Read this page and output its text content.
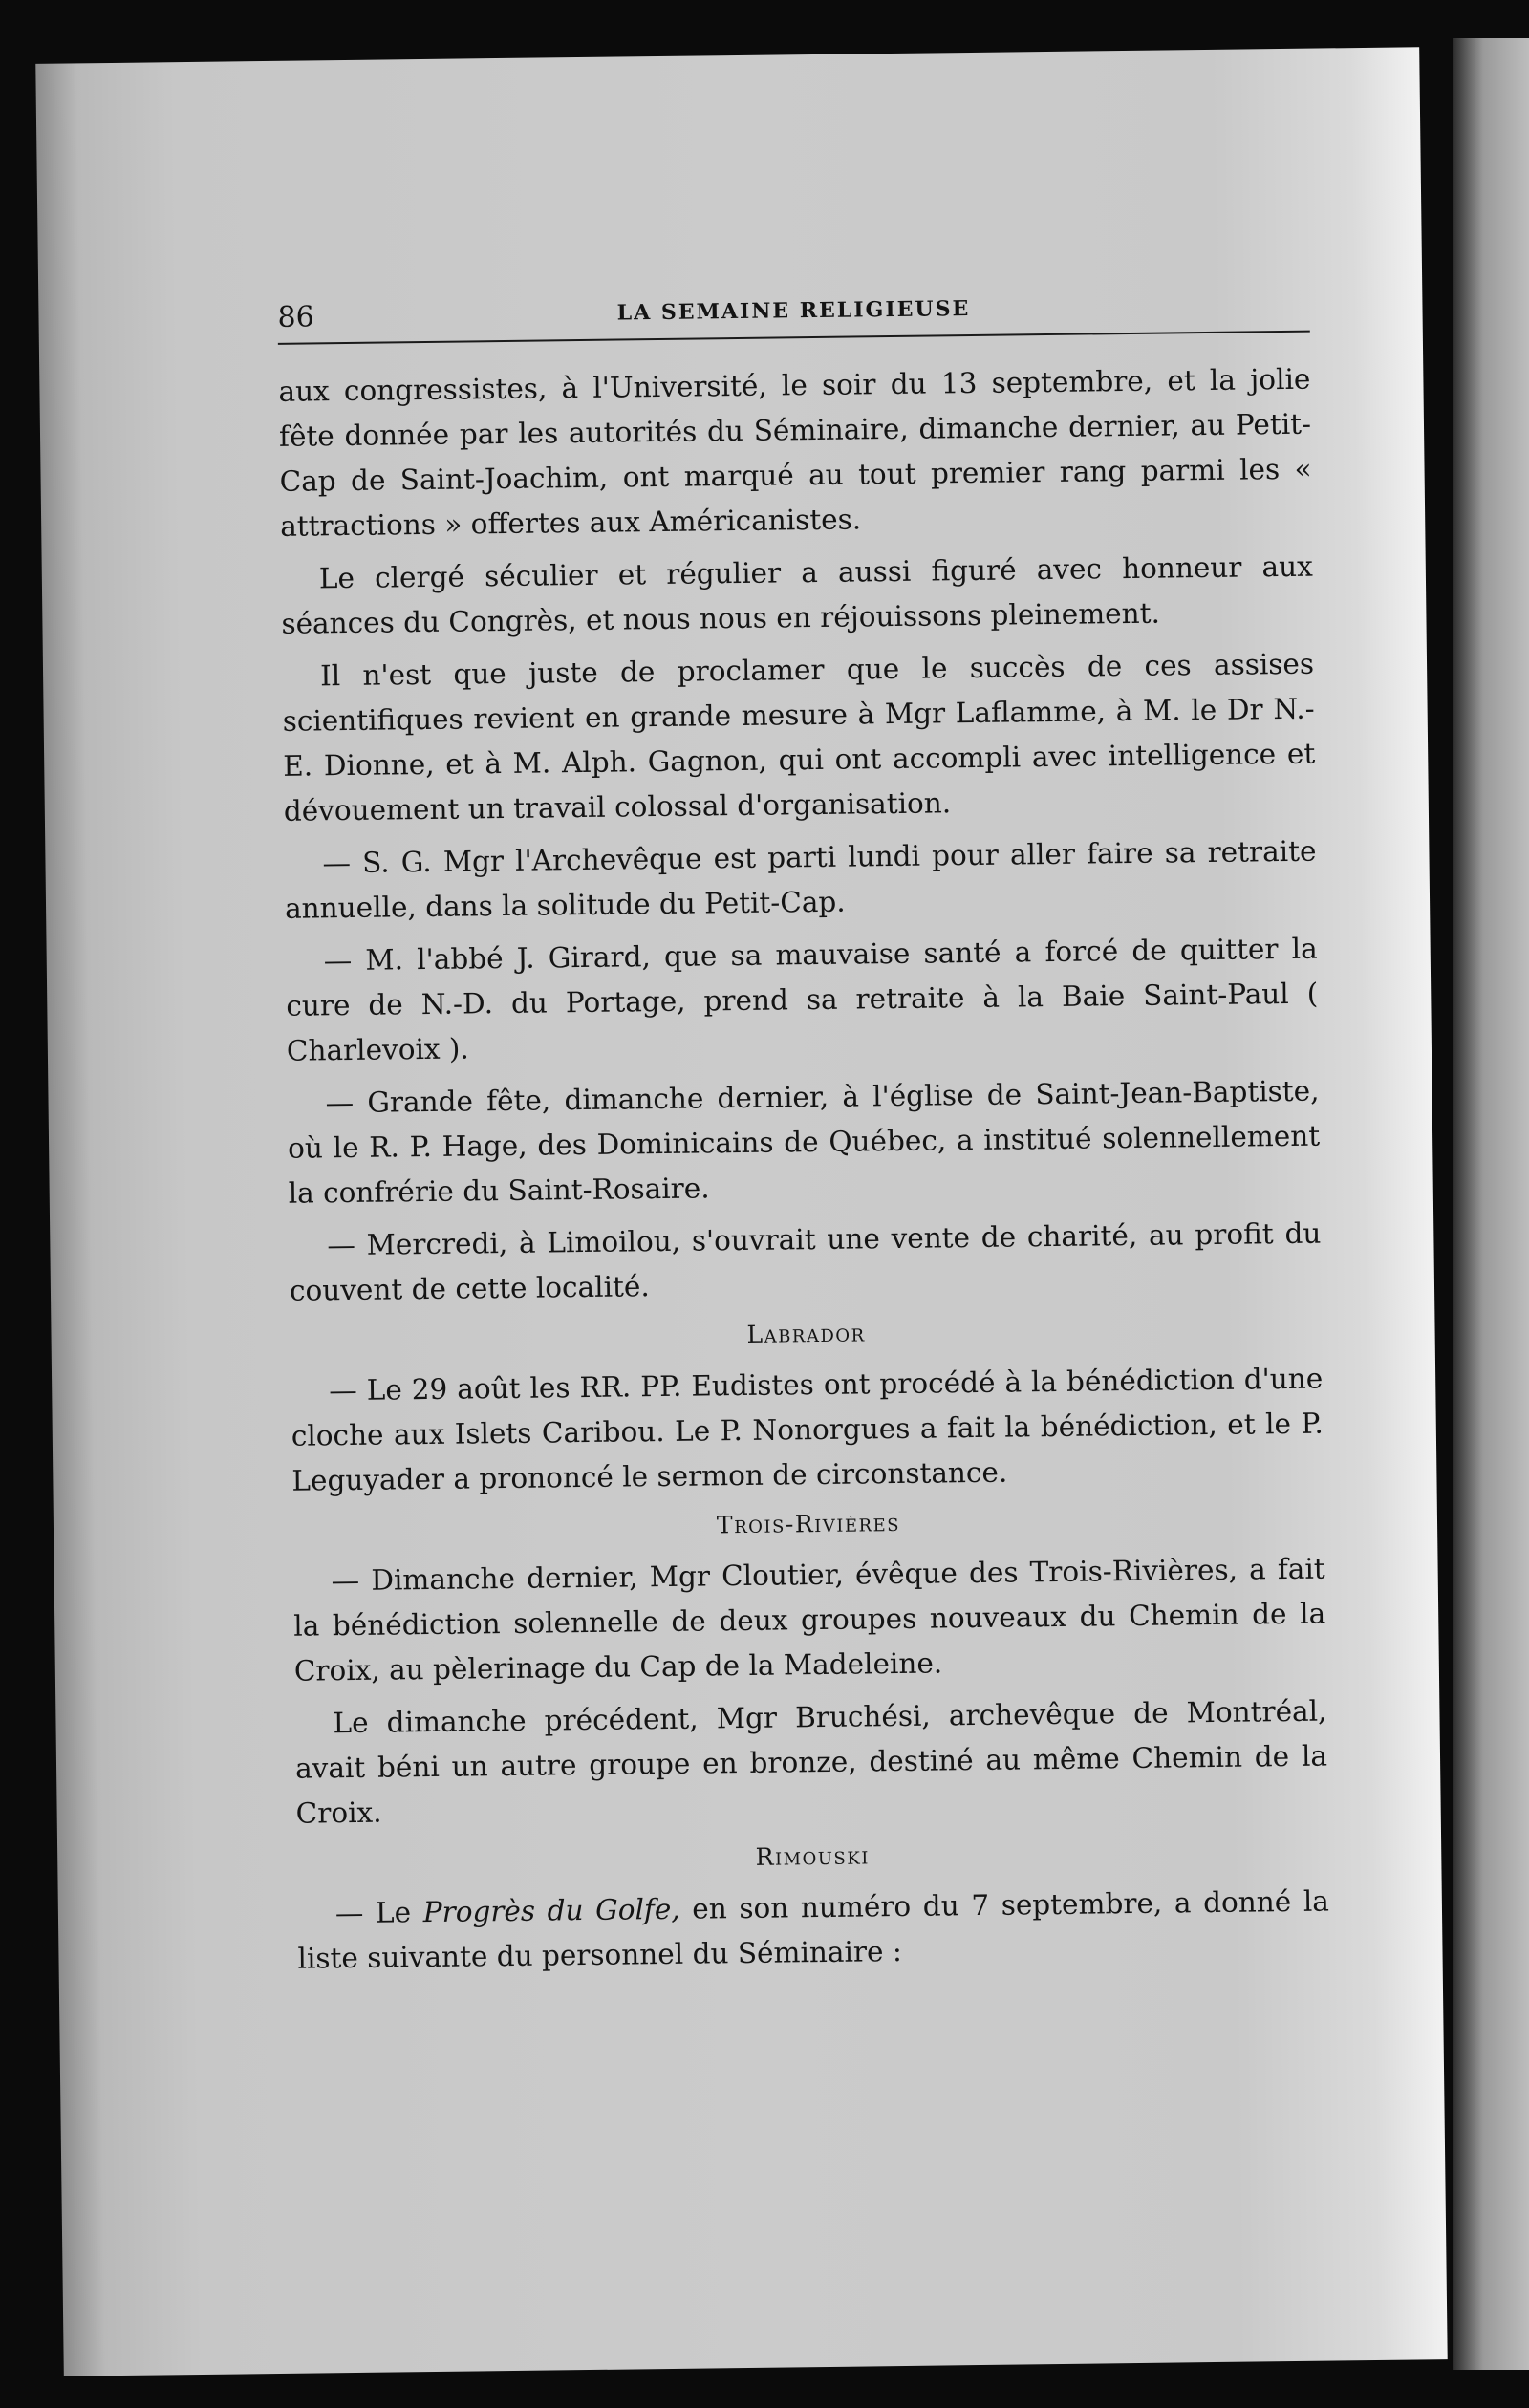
86	LA SEMAINE RELIGIEUSE

aux congressistes, à l'Université, le soir du 13 septembre, et la jolie fête donnée par les autorités du Séminaire, dimanche dernier, au Petit-Cap de Saint-Joachim, ont marqué au tout premier rang parmi les « attractions » offertes aux Américanistes.

Le clergé séculier et régulier a aussi figuré avec honneur aux séances du Congrès, et nous nous en réjouissons pleinement.

Il n'est que juste de proclamer que le succès de ces assises scientifiques revient en grande mesure à Mgr Laflamme, à M. le Dr N.-E. Dionne, et à M. Alph. Gagnon, qui ont accompli avec intelligence et dévouement un travail colossal d'organisation.

— S. G. Mgr l'Archevêque est parti lundi pour aller faire sa retraite annuelle, dans la solitude du Petit-Cap.

— M. l'abbé J. Girard, que sa mauvaise santé a forcé de quitter la cure de N.-D. du Portage, prend sa retraite à la Baie Saint-Paul ( Charlevoix ).

— Grande fête, dimanche dernier, à l'église de Saint-Jean-Baptiste, où le R. P. Hage, des Dominicains de Québec, a institué solennellement la confrérie du Saint-Rosaire.

— Mercredi, à Limoilou, s'ouvrait une vente de charité, au profit du couvent de cette localité.

Labrador

— Le 29 août les RR. PP. Eudistes ont procédé à la bénédiction d'une cloche aux Islets Caribou. Le P. Nonorgues a fait la bénédiction, et le P. Leguyader a prononcé le sermon de circonstance.

Trois-Rivières

— Dimanche dernier, Mgr Cloutier, évêque des Trois-Rivières, a fait la bénédiction solennelle de deux groupes nouveaux du Chemin de la Croix, au pèlerinage du Cap de la Madeleine.

Le dimanche précédent, Mgr Bruchési, archevêque de Montréal, avait béni un autre groupe en bronze, destiné au même Chemin de la Croix.

Rimouski

— Le Progrès du Golfe, en son numéro du 7 septembre, a donné la liste suivante du personnel du Séminaire :
